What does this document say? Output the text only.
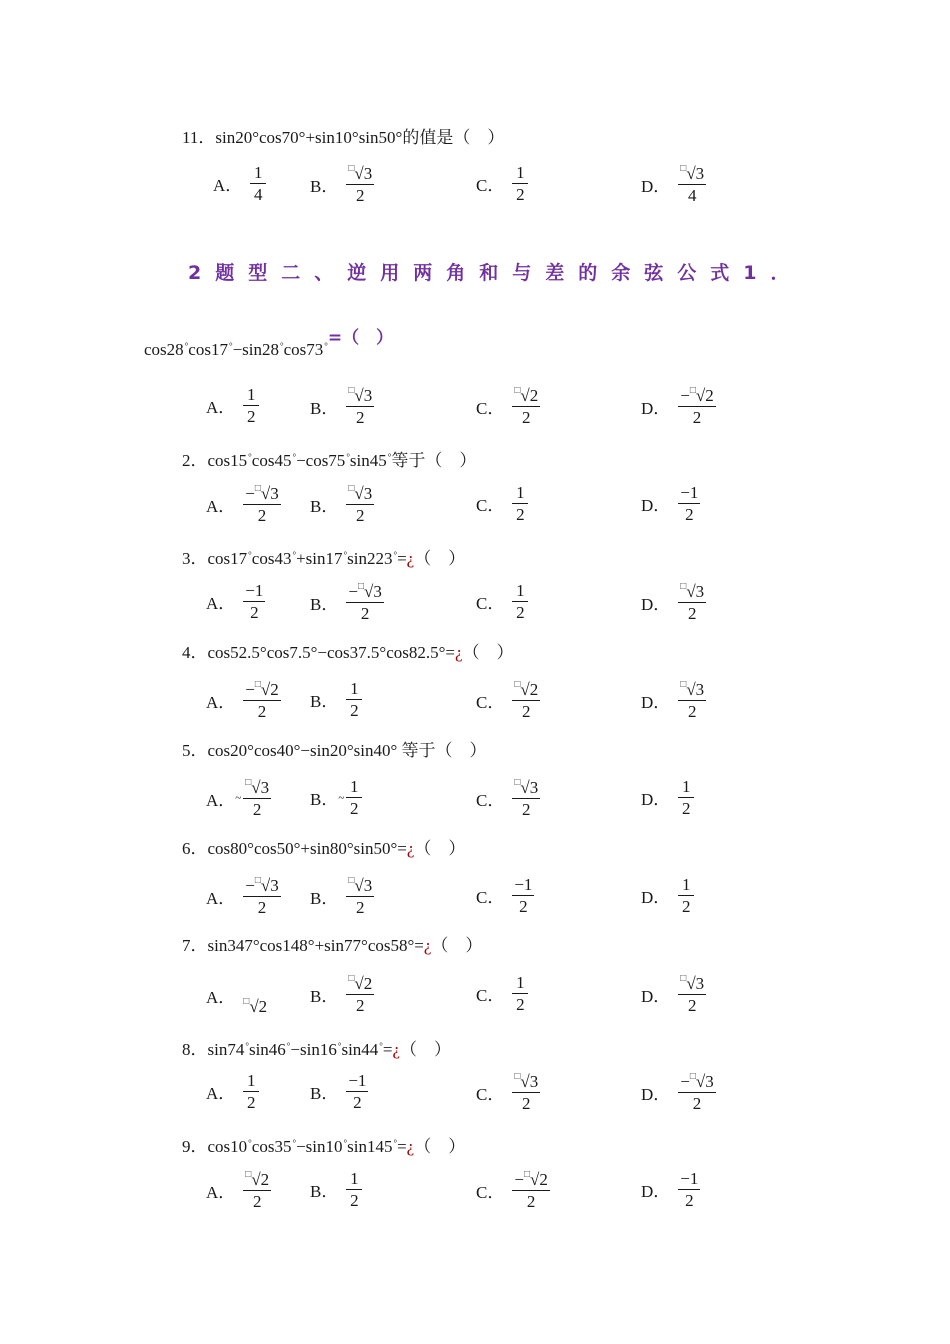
11．sin20°cos70°+sin10°sin50°的值是（　）
A． $\frac{1}{4}$	B． $\frac{^□√3}{2}$	C． $\frac{1}{2}$	D． $\frac{^□√3}{4}$
2题型二、逆用两角和与差的余弦公式1．
cos28°cos17°−sin28°cos73°=（　）
A． $\frac{1}{2}$	B． $\frac{^□√3}{2}$	C． $\frac{^□√2}{2}$	D． $\frac{-^□√2}{2}$
2．cos15°cos45°−cos75°sin45°等于（　）
A． $\frac{-^□√3}{2}$ B． $\frac{^□√3}{2}$	C． $\frac{1}{2}$	D． $\frac{-1}{2}$
3．cos17°cos43°+sin17°sin223°=¿（　）
A． $\frac{-1}{2}$	B． $\frac{-^□√3}{2}$	C． $\frac{1}{2}$	D． $\frac{^□√3}{2}$
4．cos52.5°cos7.5°−cos37.5°cos82.5°=¿（　）
A． $\frac{-^□√2}{2}$ B． $\frac{1}{2}$	C． $\frac{^□√2}{2}$	D． $\frac{^□√3}{2}$
5．cos20°cos40°−sin20°sin40° 等于（　）
A． ~ $\frac{^□√3}{2}$ B． ~ $\frac{1}{2}$	C． $\frac{^□√3}{2}$	D． $\frac{1}{2}$
6．cos80°cos50°+sin80°sin50°=¿（　）
A． $\frac{-^□√3}{2}$ B． $\frac{^□√3}{2}$	C． $\frac{-1}{2}$	D． $\frac{1}{2}$
7．sin347°cos148°+sin77°cos58°=¿（　）
A． □√2
B． $\frac{^□√2}{2}$	C． $\frac{1}{2}$	D． $\frac{^□√3}{2}$
8．sin74°sin46°−sin16°sin44°=¿（　）
A． $\frac{1}{2}$	B． $\frac{-1}{2}$	C． $\frac{^□√3}{2}$	D． $\frac{-^□√3}{2}$
9．cos10°cos35°−sin10°sin145°=¿（　）
A． $\frac{^□√2}{2}$ B． $\frac{1}{2}$	C． $\frac{-^□√2}{2}$	D． $\frac{-1}{2}$
